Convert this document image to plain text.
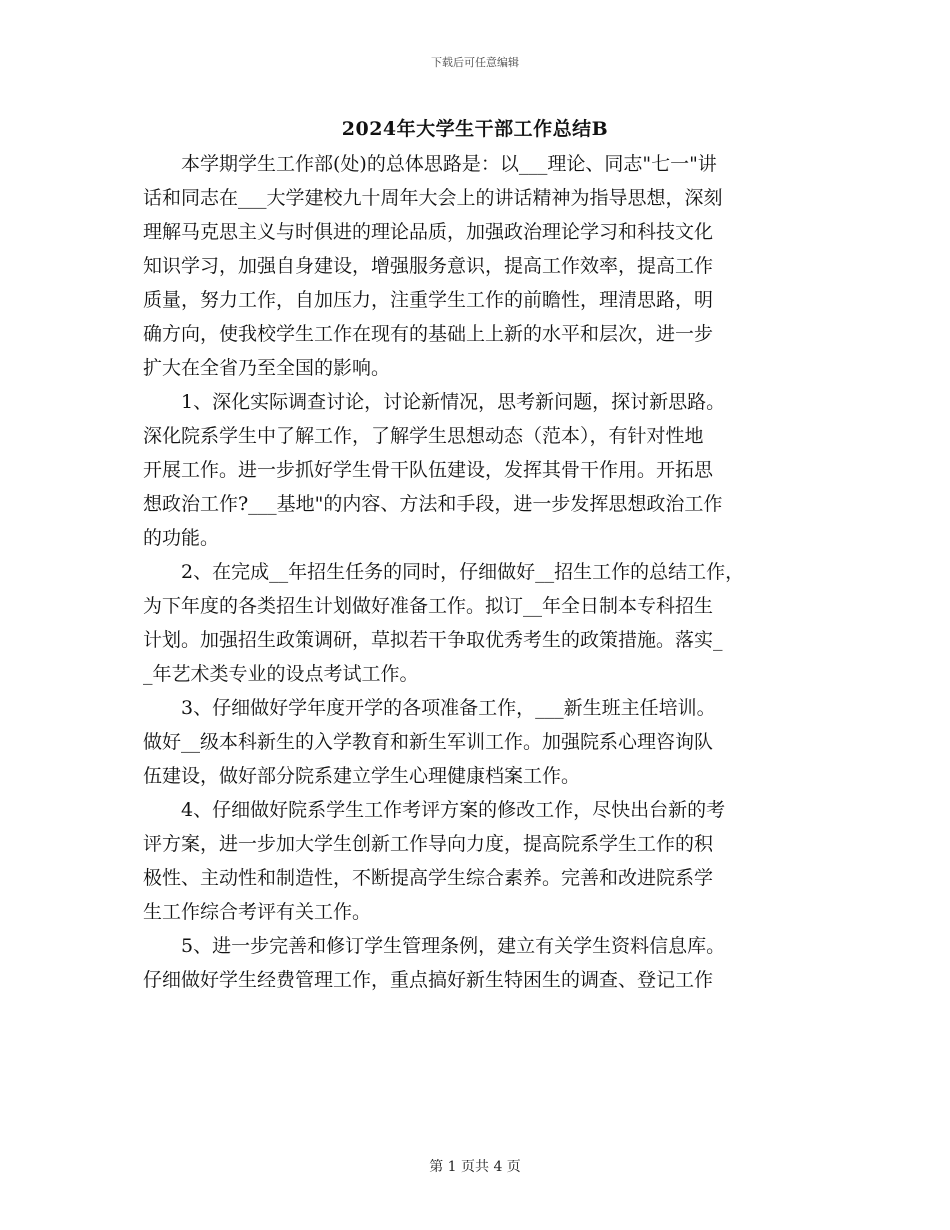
下载后可任意编辑
2024年大学生干部工作总结B

　　本学期学生工作部(处)的总体思路是：以___理论、同志"七一"讲
话和同志在___大学建校九十周年大会上的讲话精神为指导思想，深刻
理解马克思主义与时俱进的理论品质，加强政治理论学习和科技文化
知识学习，加强自身建设，增强服务意识，提高工作效率，提高工作
质量，努力工作，自加压力，注重学生工作的前瞻性，理清思路，明
确方向，使我校学生工作在现有的基础上上新的水平和层次，进一步
扩大在全省乃至全国的影响。

　　1、深化实际调查讨论，讨论新情况，思考新问题，探讨新思路。
深化院系学生中了解工作，了解学生思想动态（范本），有针对性地
开展工作。进一步抓好学生骨干队伍建设，发挥其骨干作用。开拓思
想政治工作?___基地"的内容、方法和手段，进一步发挥思想政治工作
的功能。

　　2、在完成__年招生任务的同时，仔细做好__招生工作的总结工作，
为下年度的各类招生计划做好准备工作。拟订__年全日制本专科招生
计划。加强招生政策调研，草拟若干争取优秀考生的政策措施。落实_
_年艺术类专业的设点考试工作。

　　3、仔细做好学年度开学的各项准备工作，___新生班主任培训。
做好__级本科新生的入学教育和新生军训工作。加强院系心理咨询队
伍建设，做好部分院系建立学生心理健康档案工作。

　　4、仔细做好院系学生工作考评方案的修改工作，尽快出台新的考
评方案，进一步加大学生创新工作导向力度，提高院系学生工作的积
极性、主动性和制造性，不断提高学生综合素养。完善和改进院系学
生工作综合考评有关工作。

　　5、进一步完善和修订学生管理条例，建立有关学生资料信息库。
仔细做好学生经费管理工作，重点搞好新生特困生的调查、登记工作

第 1 页共 4 页
